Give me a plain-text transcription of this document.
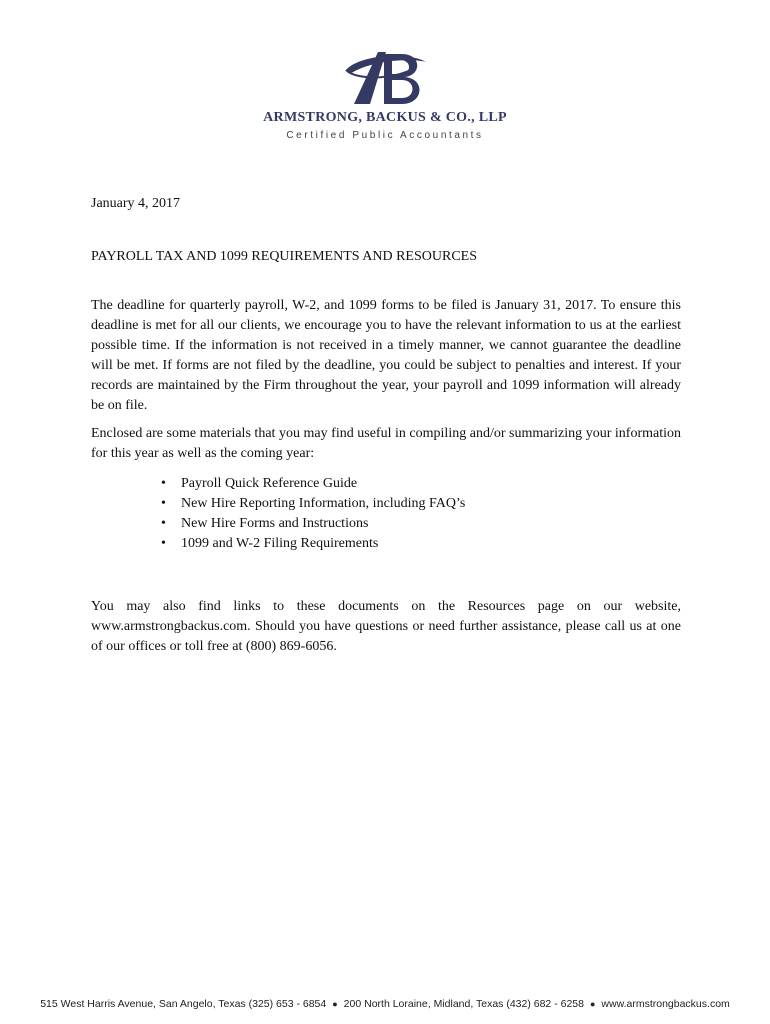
ARMSTRONG, BACKUS & CO., LLP
Certified Public Accountants
January 4, 2017
PAYROLL TAX AND 1099 REQUIREMENTS AND RESOURCES

The deadline for quarterly payroll, W-2, and 1099 forms to be filed is January 31, 2017. To ensure this deadline is met for all our clients, we encourage you to have the relevant information to us at the earliest possible time. If the information is not received in a timely manner, we cannot guarantee the deadline will be met. If forms are not filed by the deadline, you could be subject to penalties and interest. If your records are maintained by the Firm throughout the year, your payroll and 1099 information will already be on file.

Enclosed are some materials that you may find useful in compiling and/or summarizing your information for this year as well as the coming year:

• Payroll Quick Reference Guide
• New Hire Reporting Information, including FAQ’s
• New Hire Forms and Instructions
• 1099 and W-2 Filing Requirements

You may also find links to these documents on the Resources page on our website, www.armstrongbackus.com. Should you have questions or need further assistance, please call us at one of our offices or toll free at (800) 869-6056.

515 West Harris Avenue, San Angelo, Texas (325) 653 - 6854 ● 200 North Loraine, Midland, Texas (432) 682 - 6258 ● www.armstrongbackus.com
